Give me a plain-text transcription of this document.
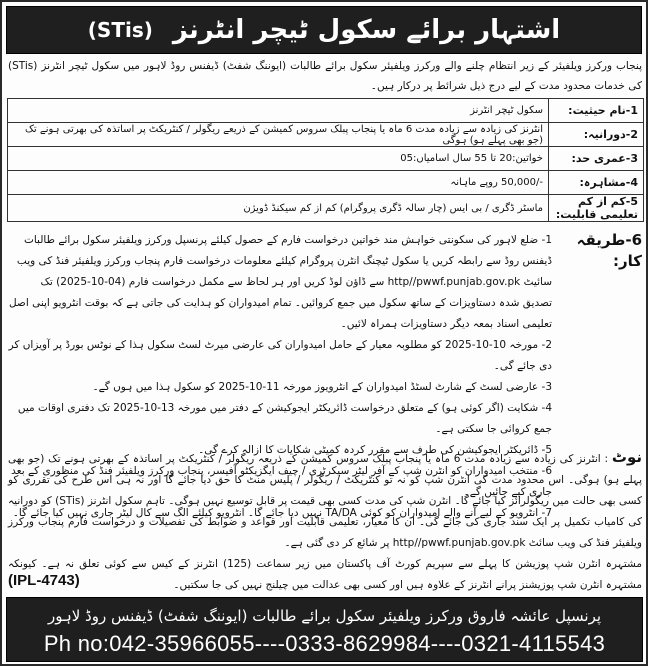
اشتہار برائے سکول ٹیچر انٹرنز
(STis)
پنجاب ورکرز ویلفیئر کے زیر انتظام چلنے والے ورکرز ویلفیئر سکول برائے طالبات (ایوننگ شفٹ) ڈیفنس روڈ لاہور میں سکول ٹیچر انٹرنز (STis) کی خدمات محدود مدت کے لیے درج ذیل شرائط پر درکار ہیں۔
1-نام حیثیت:	سکول ٹیچر انٹرنز
2-دورانیہ:	انٹرنز کی زیادہ سے زیادہ مدت 6 ماہ یا پنجاب پبلک سروس کمیشن کے ذریعے ریگولر / کنٹریکٹ پر اساتذہ کی بھرتی ہونے تک (جو بھی پہلے ہو) ہوگی
3-عمری حد:	خواتین:20 تا 55 سال اسامیاں:05
4-مشاہرہ:	-/50,000 روپے ماہانہ
5-کم از کم تعلیمی قابلیت:	ماسٹر ڈگری / بی ایس (چار سالہ ڈگری پروگرام) کم از کم سیکنڈ ڈویژن
6-طریقہ کار:
1- ضلع لاہور کی سکونتی خواہش مند خواتین درخواست فارم کے حصول کیلئے پرنسپل ورکرز ویلفیئر سکول برائے طالبات ڈیفنس روڈ سے رابطہ کریں یا سکول ٹیچنگ انٹرن پروگرام کیلئے معلومات درخواست فارم پنجاب ورکرز ویلفیئر فنڈ کی ویب سائیٹ http//pwwf.punjab.gov.pk سے ڈاؤن لوڈ کریں اور ہر لحاظ سے مکمل درخواست فارم (04-10-2025) تک تصدیق شدہ دستاویزات کے ساتھ سکول میں جمع کروائیں۔ تمام امیدواران کو ہدایت کی جاتی ہے کہ بوقت انٹرویو اپنی اصل تعلیمی اسناد بمعہ دیگر دستاویزات ہمراہ لائیں۔
2- مورخہ 10-10-2025 کو مطلوبہ معیار کے حامل امیدواران کی عارضی میرٹ لسٹ سکول ہذا کے نوٹس بورڈ پر آویزاں کر دی جائے گی۔
3- عارضی لسٹ کے شارٹ لسٹڈ امیدواران کے انٹرویوز مورخہ 11-10-2025 کو سکول ہذا میں ہوں گے۔
4- شکایت (اگر کوئی ہو) کے متعلق درخواست ڈائریکٹر ایجوکیشن کے دفتر میں مورخہ 13-10-2025 تک دفتری اوقات میں جمع کروائی جا سکتی ہے۔
5- ڈائریکٹر ایجوکیشن کی طرف سے مقرر کردہ کمیٹی شکایات کا ازالہ کرے گی۔
6- منتخب امیدواران کو انٹرن شپ کے آفر لیٹر سیکرٹری / چیف ایگزیکٹو آفیسر، پنجاب ورکرز ویلفیئر فنڈ کی منظوری کے بعد جاری کیے جائیں گے۔
7- انٹرویو کے لیے آنے والے امیدواران کو کوئی TA/DA نہیں دیا جائے گا۔ انٹرویو کیلئے الگ سے کال لیٹر جاری نہیں کیا جائے گا۔
نوٹ : انٹرنز کی زیادہ سے زیادہ مدت 6 ماہ یا پنجاب پبلک سروس کمیشن کے ذریعہ ریگولر / کنٹریکٹ پر اساتذہ کے بھرتی ہونے تک (جو بھی پہلے ہو) ہوگی۔ اس محدود مدت کی انٹرن شپ کو نہ تو کنٹریکٹ / ریگولر / پلیس منٹ کا حق دیا جائے گا اور نہ ہی اس طرح کی تقرری کو کسی بھی حالت میں ریگولرائز کیا جائے گا۔ انٹرن شپ کی مدت کسی بھی قیمت پر قابل توسیع نہیں ہوگی۔ تاہم سکول انٹرنز (STis) کو دورانیہ کی کامیاب تکمیل پر ایک سند جاری کی جائے گی۔ ان کا معیار، تعلیمی قابلیت اور قواعد و ضوابط کی تفصیلات و درخواست فارم پنجاب ورکرز ویلفیئر فنڈ کی ویب سائٹ http//pwwf.punjab.gov.pk پر شائع کر دی گئی ہے۔
مشتہرہ انٹرن شپ پوزیشن کا پہلے سے سپریم کورٹ آف پاکستان میں زیر سماعت (125) انٹرنز کے کیس سے کوئی تعلق نہ ہے۔ کیونکہ مشتہرہ انٹرن شپ پوزیشنز پرانے انٹرنز کے علاوہ ہیں اور کسی بھی عدالت میں چیلنج نہیں کی جا سکتیں۔
(IPL-4743)
پرنسپل عائشہ فاروق ورکرز ویلفیئر سکول برائے طالبات (ایوننگ شفٹ) ڈیفنس روڈ لاہور
Ph no:042-35966055----0333-8629984----0321-4115543
